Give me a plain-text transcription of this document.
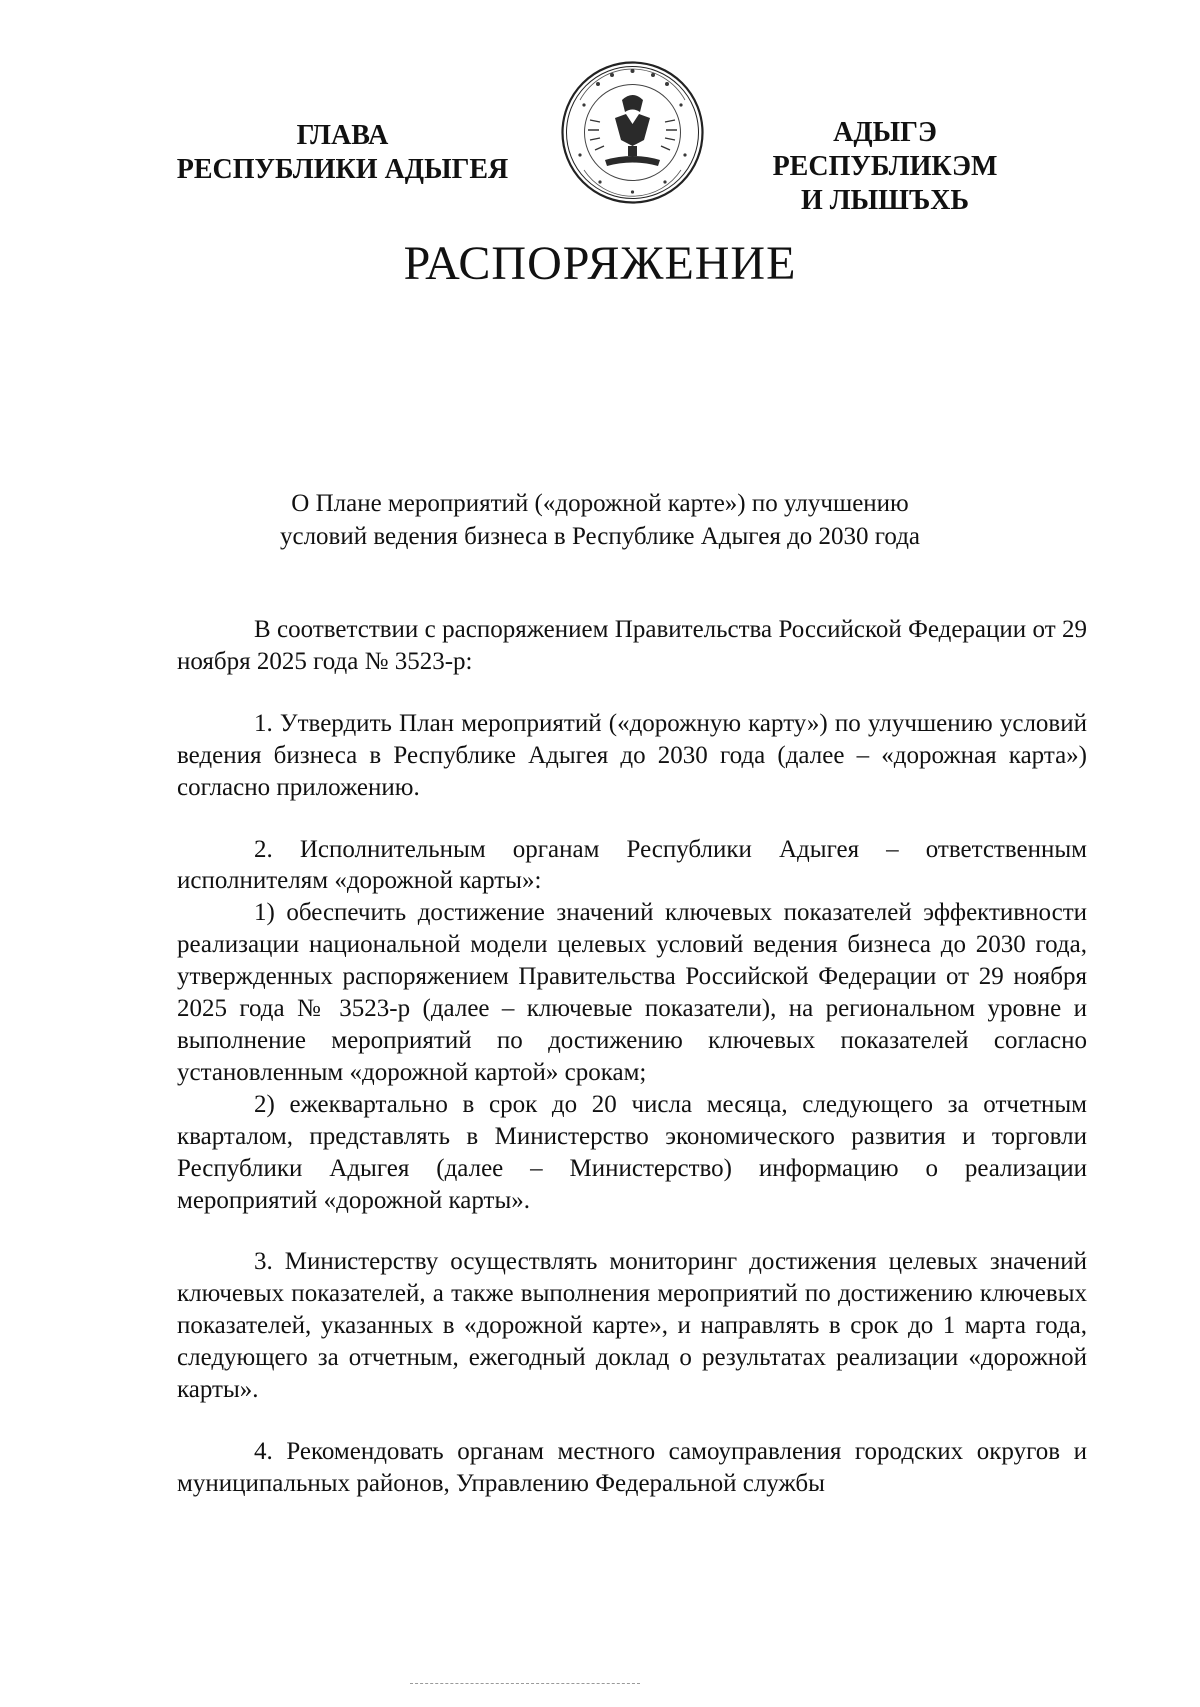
ГЛАВА
РЕСПУБЛИКИ АДЫГЕЯ
АДЫГЭ РЕСПУБЛИКЭМ
И ЛЫШЪХЬ
РАСПОРЯЖЕНИЕ
О Плане мероприятий («дорожной карте») по улучшению
условий ведения бизнеса в Республике Адыгея до 2030 года

В соответствии с распоряжением Правительства Российской Федерации от 29 ноября 2025 года № 3523-р:

1. Утвердить План мероприятий («дорожную карту») по улучшению условий ведения бизнеса в Республике Адыгея до 2030 года (далее – «дорожная карта») согласно приложению.

2. Исполнительным органам Республики Адыгея – ответственным исполнителям «дорожной карты»:

1) обеспечить достижение значений ключевых показателей эффективности реализации национальной модели целевых условий ведения бизнеса до 2030 года, утвержденных распоряжением Правительства Российской Федерации от 29 ноября 2025 года № 3523-р (далее – ключевые показатели), на региональном уровне и выполнение мероприятий по достижению ключевых показателей согласно установленным «дорожной картой» срокам;

2) ежеквартально в срок до 20 числа месяца, следующего за отчетным кварталом, представлять в Министерство экономического развития и торговли Республики Адыгея (далее – Министерство) информацию о реализации мероприятий «дорожной карты».

3. Министерству осуществлять мониторинг достижения целевых значений ключевых показателей, а также выполнения мероприятий по достижению ключевых показателей, указанных в «дорожной карте», и направлять в срок до 1 марта года, следующего за отчетным, ежегодный доклад о результатах реализации «дорожной карты».

4. Рекомендовать органам местного самоуправления городских округов и муниципальных районов, Управлению Федеральной службы
